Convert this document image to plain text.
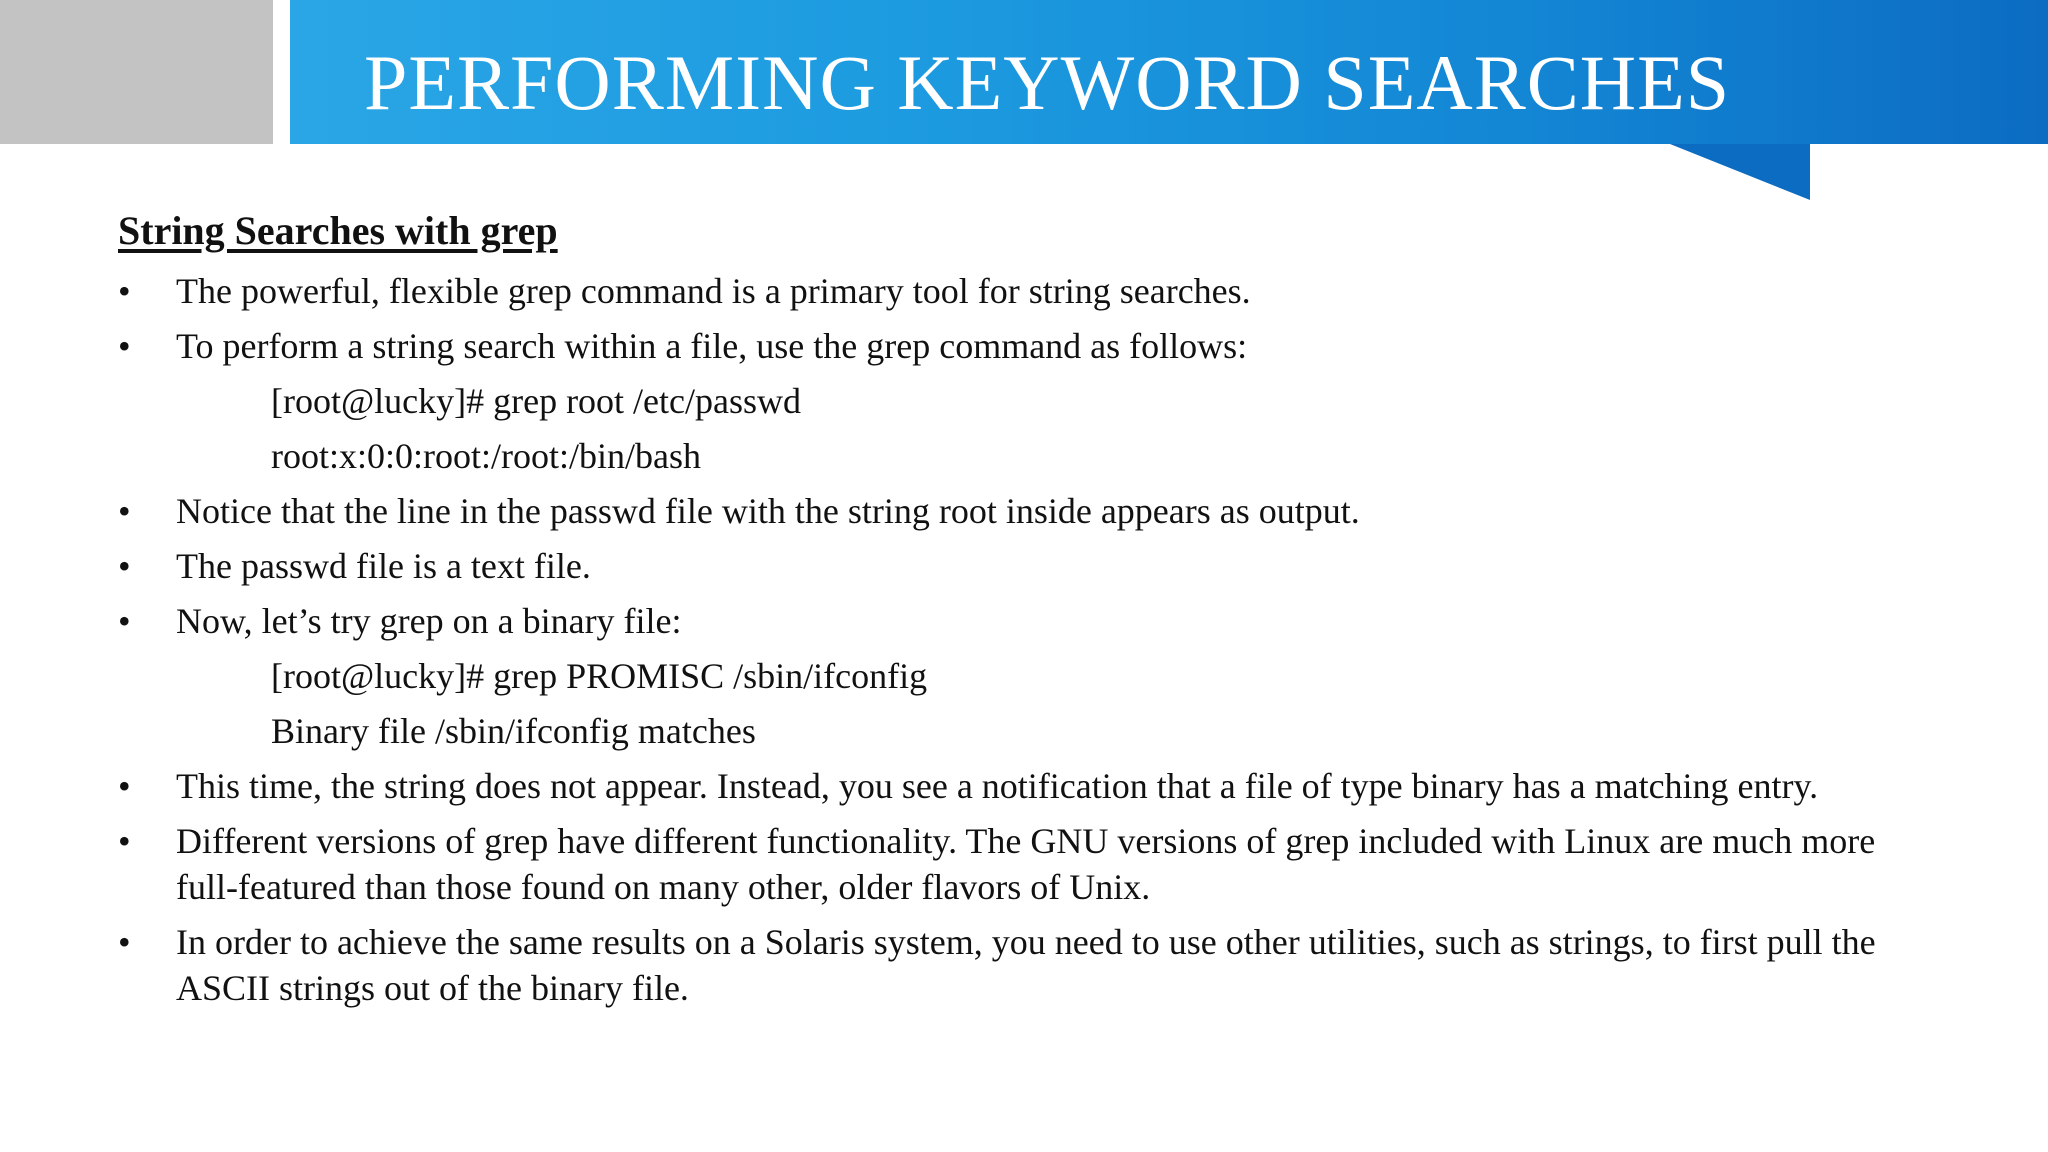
PERFORMING KEYWORD SEARCHES
String Searches with grep
•	The powerful, flexible grep command is a primary tool for string searches.
•	To perform a string search within a file, use the grep command as follows:
[root@lucky]# grep root /etc/passwd
root:x:0:0:root:/root:/bin/bash
•	Notice that the line in the passwd file with the string root inside appears as output.
•	The passwd file is a text file.
•	Now, let’s try grep on a binary file:
[root@lucky]# grep PROMISC /sbin/ifconfig
Binary file /sbin/ifconfig matches
•	This time, the string does not appear. Instead, you see a notification that a file of type binary has a matching entry.
•	Different versions of grep have different functionality. The GNU versions of grep included with Linux are much more full-featured than those found on many other, older flavors of Unix.
•	In order to achieve the same results on a Solaris system, you need to use other utilities, such as strings, to first pull the ASCII strings out of the binary file.
